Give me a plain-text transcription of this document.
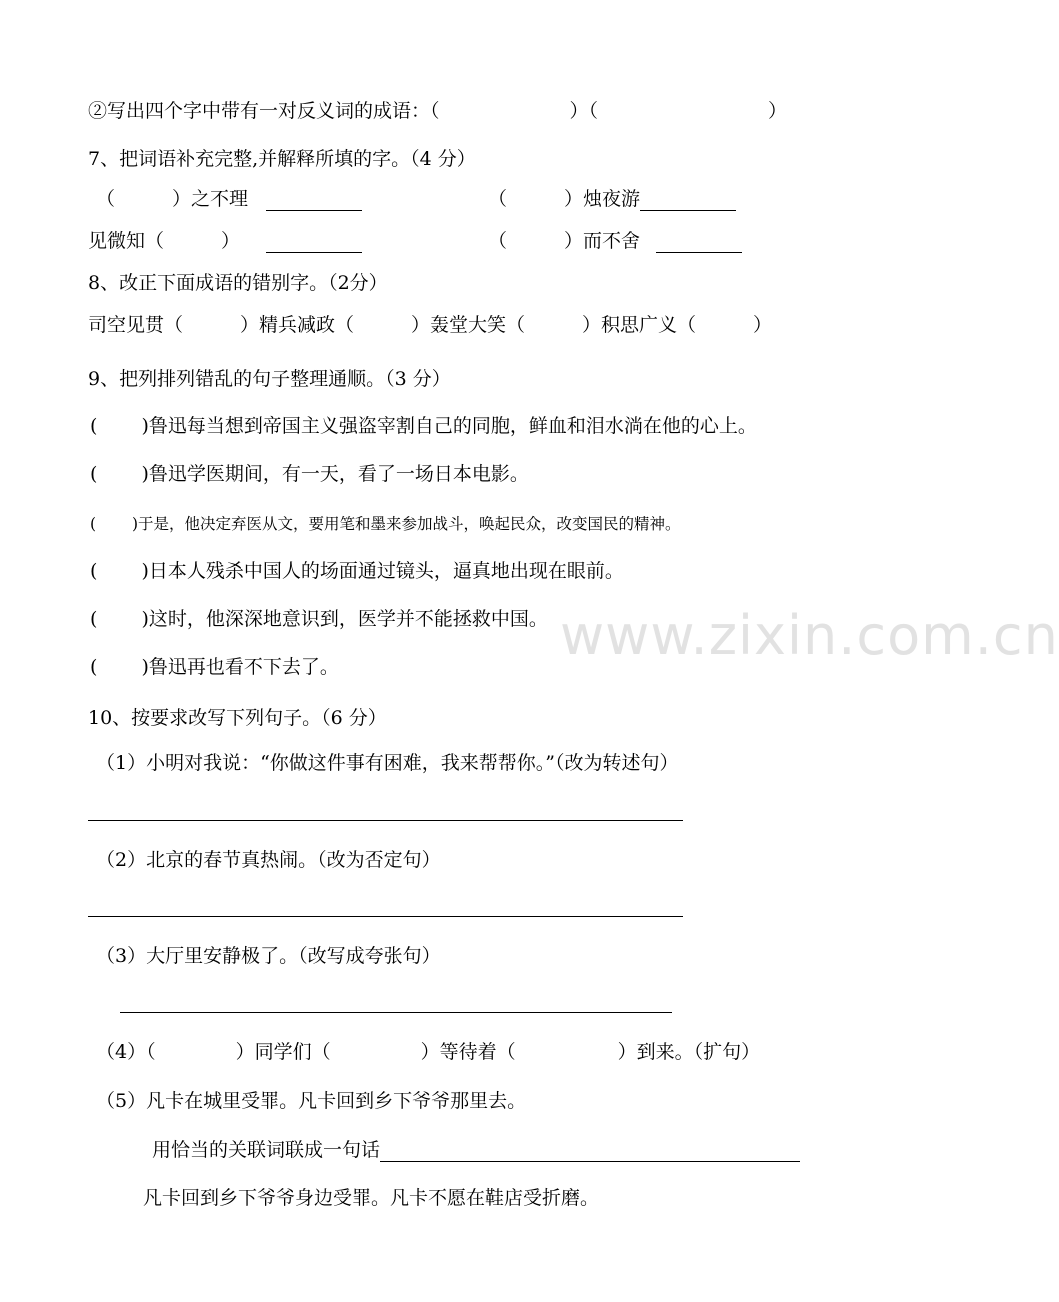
www.zixin.com.cn
②写出四个字中带有一对反义词的成语：（	）（	）
7、把词语补充完整,并解释所填的字。（4 分）
（　　　）之不理	（　　　）烛夜游
见微知（　　　）	（　　　）而不舍
8、改正下面成语的错别字。（2分）
司空见贯（　　　）精兵减政（　　　）轰堂大笑（　　　）积思广义（　　　）
9、把列排列错乱的句子整理通顺。（3 分）
(　　 )鲁迅每当想到帝国主义强盗宰割自己的同胞，鲜血和泪水淌在他的心上。
(　　 )鲁迅学医期间，有一天，看了一场日本电影。
(　　 )于是，他决定弃医从文，要用笔和墨来参加战斗，唤起民众，改变国民的精神。
(　　 )日本人残杀中国人的场面通过镜头，逼真地出现在眼前。
(　　 )这时，他深深地意识到，医学并不能拯救中国。
(　　 )鲁迅再也看不下去了。
10、按要求改写下列句子。（6 分）
（1）小明对我说：“你做这件事有困难，我来帮帮你。”（改为转述句）
（2）北京的春节真热闹。（改为否定句）
（3）大厅里安静极了。（改写成夸张句）
（4）（	）同学们（	）等待着（	）到来。（扩句）
（5）凡卡在城里受罪。凡卡回到乡下爷爷那里去。
用恰当的关联词联成一句话
凡卡回到乡下爷爷身边受罪。凡卡不愿在鞋店受折磨。
